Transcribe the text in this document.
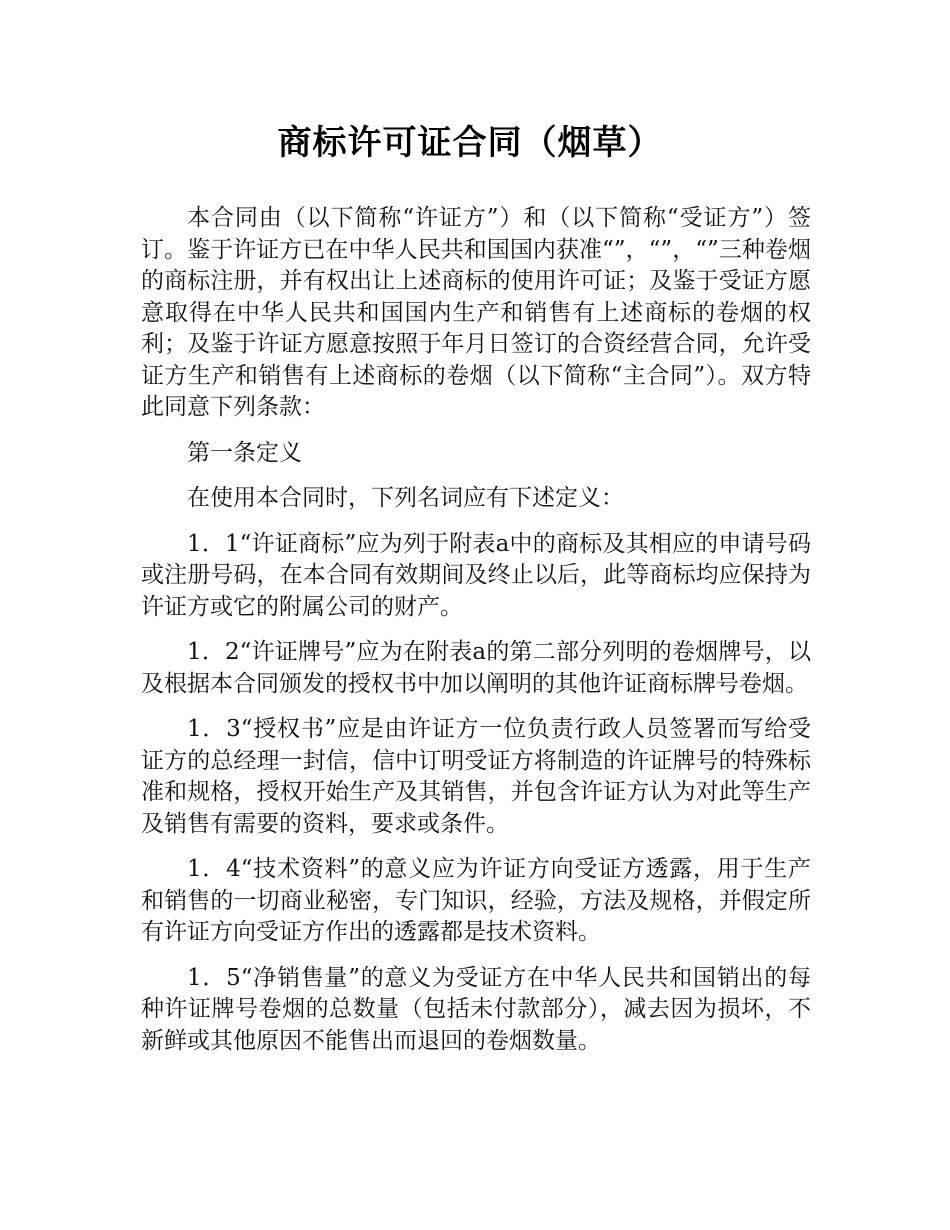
商标许可证合同（烟草）

本合同由（以下简称“许证方”）和（以下简称“受证方”）签订。鉴于许证方已在中华人民共和国国内获准“”，“”，“”三种卷烟的商标注册，并有权出让上述商标的使用许可证；及鉴于受证方愿意取得在中华人民共和国国内生产和销售有上述商标的卷烟的权利；及鉴于许证方愿意按照于年月日签订的合资经营合同，允许受证方生产和销售有上述商标的卷烟（以下简称“主合同”）。双方特此同意下列条款：

第一条定义

在使用本合同时，下列名词应有下述定义：

1．1“许证商标”应为列于附表a中的商标及其相应的申请号码或注册号码，在本合同有效期间及终止以后，此等商标均应保持为许证方或它的附属公司的财产。

1．2“许证牌号”应为在附表a的第二部分列明的卷烟牌号，以及根据本合同颁发的授权书中加以阐明的其他许证商标牌号卷烟。

1．3“授权书”应是由许证方一位负责行政人员签署而写给受证方的总经理一封信，信中订明受证方将制造的许证牌号的特殊标准和规格，授权开始生产及其销售，并包含许证方认为对此等生产及销售有需要的资料，要求或条件。

1．4“技术资料”的意义应为许证方向受证方透露，用于生产和销售的一切商业秘密，专门知识，经验，方法及规格，并假定所有许证方向受证方作出的透露都是技术资料。

1．5“净销售量”的意义为受证方在中华人民共和国销出的每种许证牌号卷烟的总数量（包括未付款部分），减去因为损坏，不新鲜或其他原因不能售出而退回的卷烟数量。
